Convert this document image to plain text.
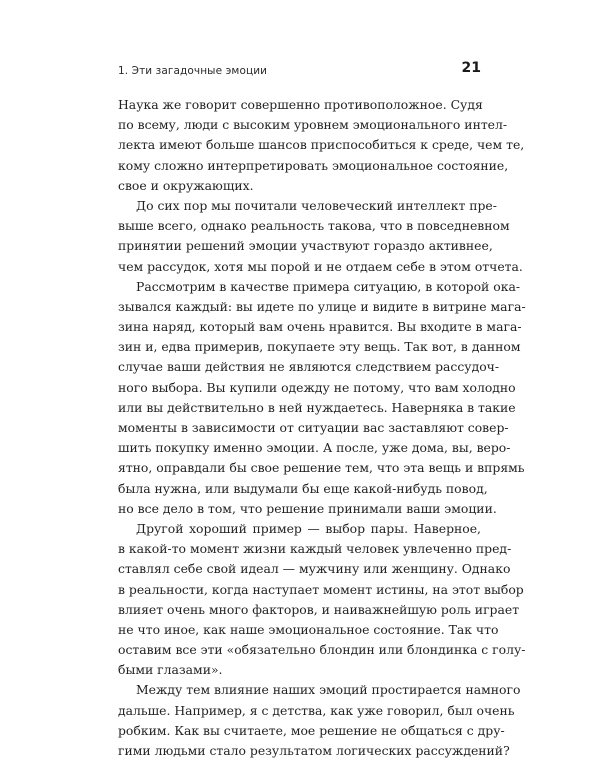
1. Эти загадочные эмоции	21
Наука же говорит совершенно противоположное. Судя
по всему, люди с высоким уровнем эмоционального интел-
лекта имеют больше шансов приспособиться к среде, чем те,
кому сложно интерпретировать эмоциональное состояние,
свое и окружающих.
До сих пор мы почитали человеческий интеллект пре-
выше всего, однако реальность такова, что в повседневном
принятии решений эмоции участвуют гораздо активнее,
чем рассудок, хотя мы порой и не отдаем себе в этом отчета.
Рассмотрим в качестве примера ситуацию, в которой ока-
зывался каждый: вы идете по улице и видите в витрине мага-
зина наряд, который вам очень нравится. Вы входите в мага-
зин и, едва примерив, покупаете эту вещь. Так вот, в данном
случае ваши действия не являются следствием рассудоч-
ного выбора. Вы купили одежду не потому, что вам холодно
или вы действительно в ней нуждаетесь. Наверняка в такие
моменты в зависимости от ситуации вас заставляют совер-
шить покупку именно эмоции. А после, уже дома, вы, веро-
ятно, оправдали бы свое решение тем, что эта вещь и впрямь
была нужна, или выдумали бы еще какой-нибудь повод,
но все дело в том, что решение принимали ваши эмоции.
Другой хороший пример — выбор пары. Наверное,
в какой-то момент жизни каждый человек увлеченно пред-
ставлял себе свой идеал — мужчину или женщину. Однако
в реальности, когда наступает момент истины, на этот выбор
влияет очень много факторов, и наиважнейшую роль играет
не что иное, как наше эмоциональное состояние. Так что
оставим все эти «обязательно блондин или блондинка с голу-
быми глазами».
Между тем влияние наших эмоций простирается намного
дальше. Например, я с детства, как уже говорил, был очень
робким. Как вы считаете, мое решение не общаться с дру-
гими людьми стало результатом логических рассуждений?
